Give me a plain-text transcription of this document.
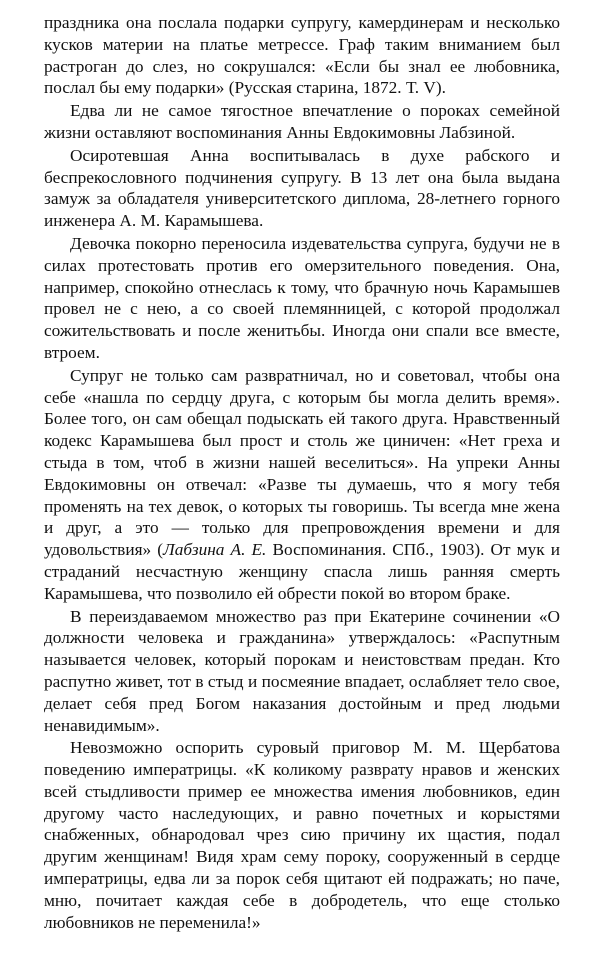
праздника она послала подарки супругу, камердинерам и несколько кусков материи на платье метрессе. Граф таким вниманием был растроган до слез, но сокрушался: «Если бы знал ее любовника, послал бы ему подарки» (Русская старина, 1872. Т. V).

Едва ли не самое тягостное впечатление о пороках семейной жизни оставляют воспоминания Анны Евдокимовны Лабзиной.

Осиротевшая Анна воспитывалась в духе рабского и беспрекословного подчинения супругу. В 13 лет она была выдана замуж за обладателя университетского диплома, 28-летнего горного инженера А. М. Карамышева.

Девочка покорно переносила издевательства супруга, будучи не в силах протестовать против его омерзительного поведения. Она, например, спокойно отнеслась к тому, что брачную ночь Карамышев провел не с нею, а со своей племянницей, с которой продолжал сожительствовать и после женитьбы. Иногда они спали все вместе, втроем.

Супруг не только сам развратничал, но и советовал, чтобы она себе «нашла по сердцу друга, с которым бы могла делить время». Более того, он сам обещал подыскать ей такого друга. Нравственный кодекс Карамышева был прост и столь же циничен: «Нет греха и стыда в том, чтоб в жизни нашей веселиться». На упреки Анны Евдокимовны он отвечал: «Разве ты думаешь, что я могу тебя променять на тех девок, о которых ты говоришь. Ты всегда мне жена и друг, а это — только для препровождения времени и для удовольствия» (Лабзина А. Е. Воспоминания. СПб., 1903). От мук и страданий несчастную женщину спасла лишь ранняя смерть Карамышева, что позволило ей обрести покой во втором браке.

В переиздаваемом множество раз при Екатерине сочинении «О должности человека и гражданина» утверждалось: «Распутным называется человек, который порокам и неистовствам предан. Кто распутно живет, тот в стыд и посмеяние впадает, ослабляет тело свое, делает себя пред Богом наказания достойным и пред людьми ненавидимым».

Невозможно оспорить суровый приговор М. М. Щербатова поведению императрицы. «К коликому разврату нравов и женских всей стыдливости пример ее множества имения любовников, един другому часто наследующих, и равно почетных и корыстями снабженных, обнародовал чрез сию причину их щастия, подал другим женщинам! Видя храм сему пороку, сооруженный в сердце императрицы, едва ли за порок себя щитают ей подражать; но паче, мню, почитает каждая себе в добродетель, что еще столько любовников не переменила!»
